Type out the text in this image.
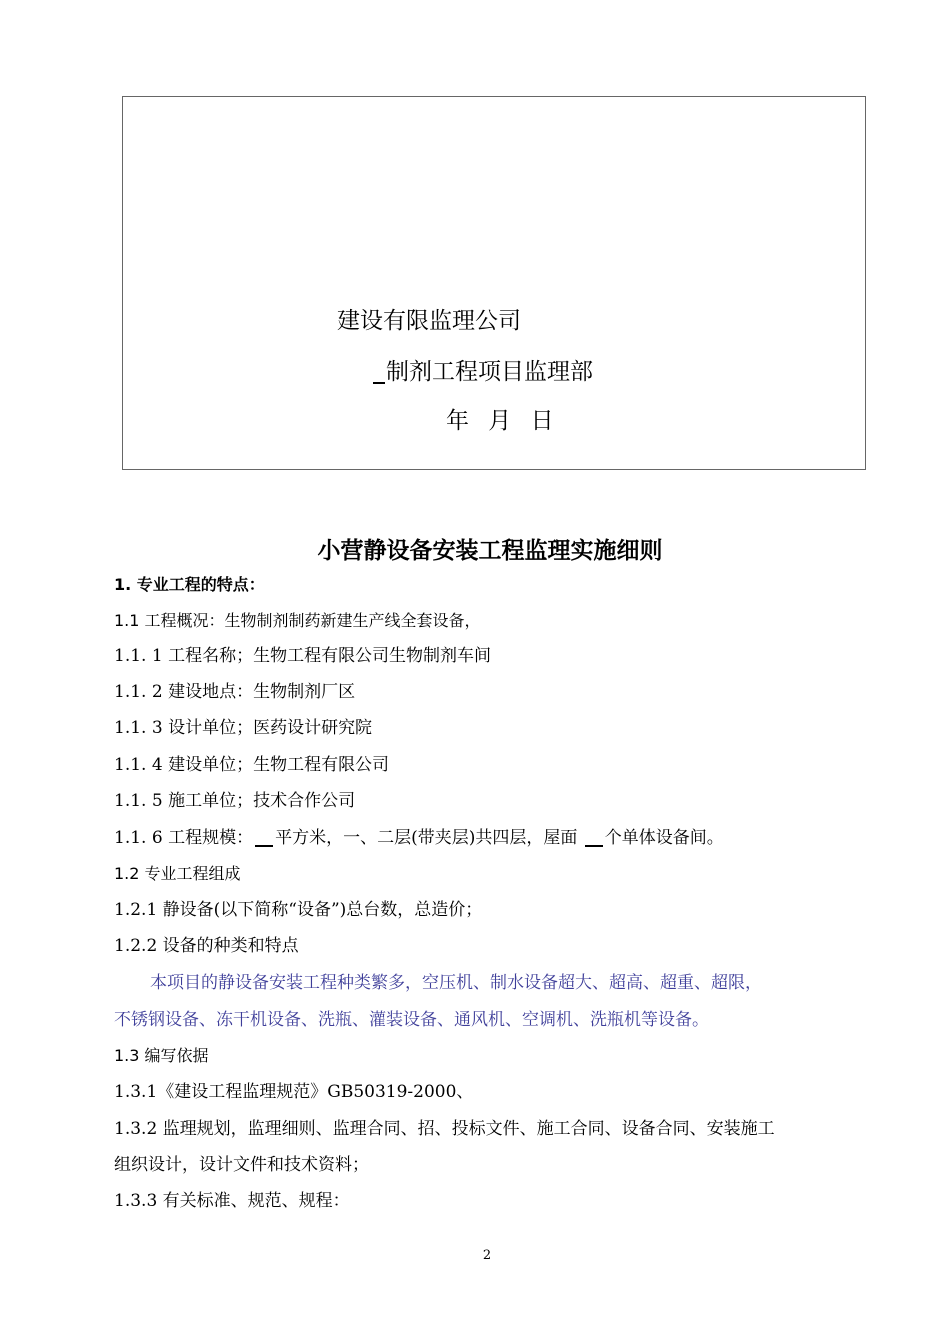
建设有限监理公司
制剂工程项目监理部
年 月 日
小营静设备安装工程监理实施细则
1. 专业工程的特点：
1.1 工程概况：生物制剂制药新建生产线全套设备，
1.1. 1 工程名称；生物工程有限公司生物制剂车间
1.1. 2 建设地点：生物制剂厂区
1.1. 3 设计单位；医药设计研究院
1.1. 4 建设单位；生物工程有限公司
1.1. 5 施工单位；技术合作公司
1.1. 6 工程规模： 平方米，一、二层(带夹层)共四层，屋面 个单体设备间。
1.2 专业工程组成
1.2.1 静设备(以下简称“设备”)总台数，总造价；
1.2.2 设备的种类和特点
本项目的静设备安装工程种类繁多，空压机、制水设备超大、超高、超重、超限，
不锈钢设备、冻干机设备、洗瓶、灌装设备、通风机、空调机、洗瓶机等设备。
1.3 编写依据
1.3.1《建设工程监理规范》GB50319-2000、
1.3.2 监理规划，监理细则、监理合同、招、投标文件、施工合同、设备合同、安装施工
组织设计，设计文件和技术资料；
1.3.3 有关标准、规范、规程：
2
